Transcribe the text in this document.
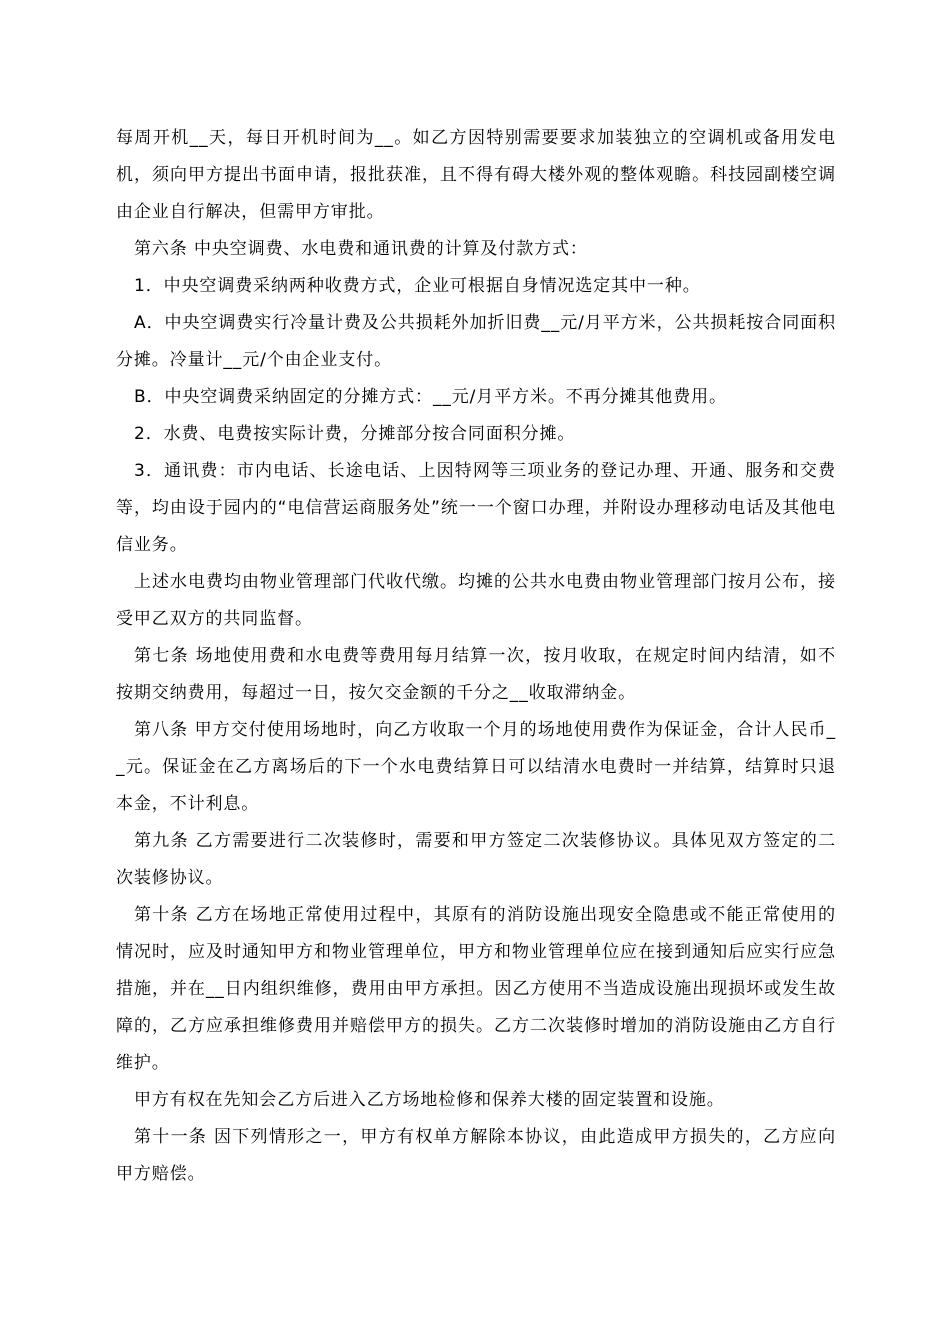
每周开机__天，每日开机时间为__。如乙方因特别需要要求加装独立的空调机或备用发电机，须向甲方提出书面申请，报批获准，且不得有碍大楼外观的整体观瞻。科技园副楼空调由企业自行解决，但需甲方审批。

第六条 中央空调费、水电费和通讯费的计算及付款方式：

1．中央空调费采纳两种收费方式，企业可根据自身情况选定其中一种。

A．中央空调费实行冷量计费及公共损耗外加折旧费__元/月平方米，公共损耗按合同面积分摊。冷量计__元/个由企业支付。

B．中央空调费采纳固定的分摊方式：__元/月平方米。不再分摊其他费用。

2．水费、电费按实际计费，分摊部分按合同面积分摊。

3．通讯费：市内电话、长途电话、上因特网等三项业务的登记办理、开通、服务和交费等，均由设于园内的“电信营运商服务处”统一一个窗口办理，并附设办理移动电话及其他电信业务。

上述水电费均由物业管理部门代收代缴。均摊的公共水电费由物业管理部门按月公布，接受甲乙双方的共同监督。

第七条 场地使用费和水电费等费用每月结算一次，按月收取，在规定时间内结清，如不按期交纳费用，每超过一日，按欠交金额的千分之__收取滞纳金。

第八条 甲方交付使用场地时，向乙方收取一个月的场地使用费作为保证金，合计人民币__元。保证金在乙方离场后的下一个水电费结算日可以结清水电费时一并结算，结算时只退本金，不计利息。

第九条 乙方需要进行二次装修时，需要和甲方签定二次装修协议。具体见双方签定的二次装修协议。

第十条 乙方在场地正常使用过程中，其原有的消防设施出现安全隐患或不能正常使用的情况时，应及时通知甲方和物业管理单位，甲方和物业管理单位应在接到通知后应实行应急措施，并在__日内组织维修，费用由甲方承担。因乙方使用不当造成设施出现损坏或发生故障的，乙方应承担维修费用并赔偿甲方的损失。乙方二次装修时增加的消防设施由乙方自行维护。

甲方有权在先知会乙方后进入乙方场地检修和保养大楼的固定装置和设施。

第十一条 因下列情形之一，甲方有权单方解除本协议，由此造成甲方损失的，乙方应向甲方赔偿。
